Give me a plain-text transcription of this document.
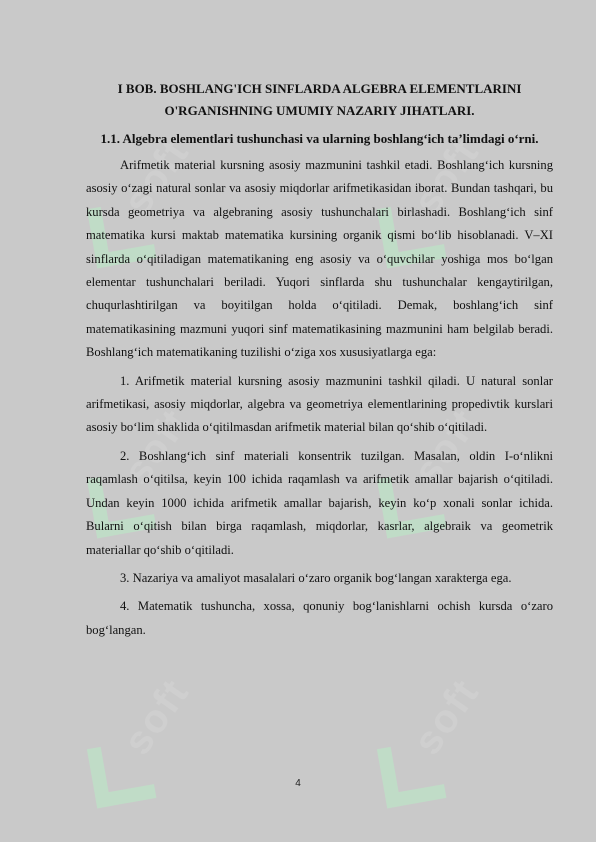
soft	soft
soft	soft
soft	soft
I BOB. BOSHLANG'ICH SINFLARDA ALGEBRA ELEMENTLARINI O'RGANISHNING UMUMIY NAZARIY JIHATLARI.
1.1. Algebra elementlari tushunchasi va ularning boshlang‘ich ta’limdagi o‘rni.

Arifmetik material kursning asosiy mazmunini tashkil etadi. Boshlang‘ich kursning asosiy o‘zagi natural sonlar va asosiy miqdorlar arifmetikasidan iborat. Bundan tashqari, bu kursda geometriya va algebraning asosiy tushunchalari birlashadi. Boshlang‘ich sinf matematika kursi maktab matematika kursining organik qismi bo‘lib hisoblanadi. V–XI sinflarda o‘qitiladigan matematikaning eng asosiy va o‘quvchilar yoshiga mos bo‘lgan elementar tushunchalari beriladi. Yuqori sinflarda shu tushunchalar kengaytirilgan, chuqurlashtirilgan va boyitilgan holda o‘qitiladi. Demak, boshlang‘ich sinf matematikasining mazmuni yuqori sinf matematikasining mazmunini ham belgilab beradi. Boshlang‘ich matematikaning tuzilishi o‘ziga xos xususiyatlarga ega:

1. Arifmetik material kursning asosiy mazmunini tashkil qiladi. U natural sonlar arifmetikasi, asosiy miqdorlar, algebra va geometriya elementlarining propedivtik kurslari asosiy bo‘lim shaklida o‘qitilmasdan arifmetik material bilan qo‘shib o‘qitiladi.

2. Boshlang‘ich sinf materiali konsentrik tuzilgan. Masalan, oldin I-o‘nlikni raqamlash o‘qitilsa, keyin 100 ichida raqamlash va arifmetik amallar bajarish o‘qitiladi. Undan keyin 1000 ichida arifmetik amallar bajarish, keyin ko‘p xonali sonlar ichida. Bularni o‘qitish bilan birga raqamlash, miqdorlar, kasrlar, algebraik va geometrik materiallar qo‘shib o‘qitiladi.

3. Nazariya va amaliyot masalalari o‘zaro organik bog‘langan xarakterga ega.

4. Matematik tushuncha, xossa, qonuniy bog‘lanishlarni ochish kursda o‘zaro bog‘langan.

4
